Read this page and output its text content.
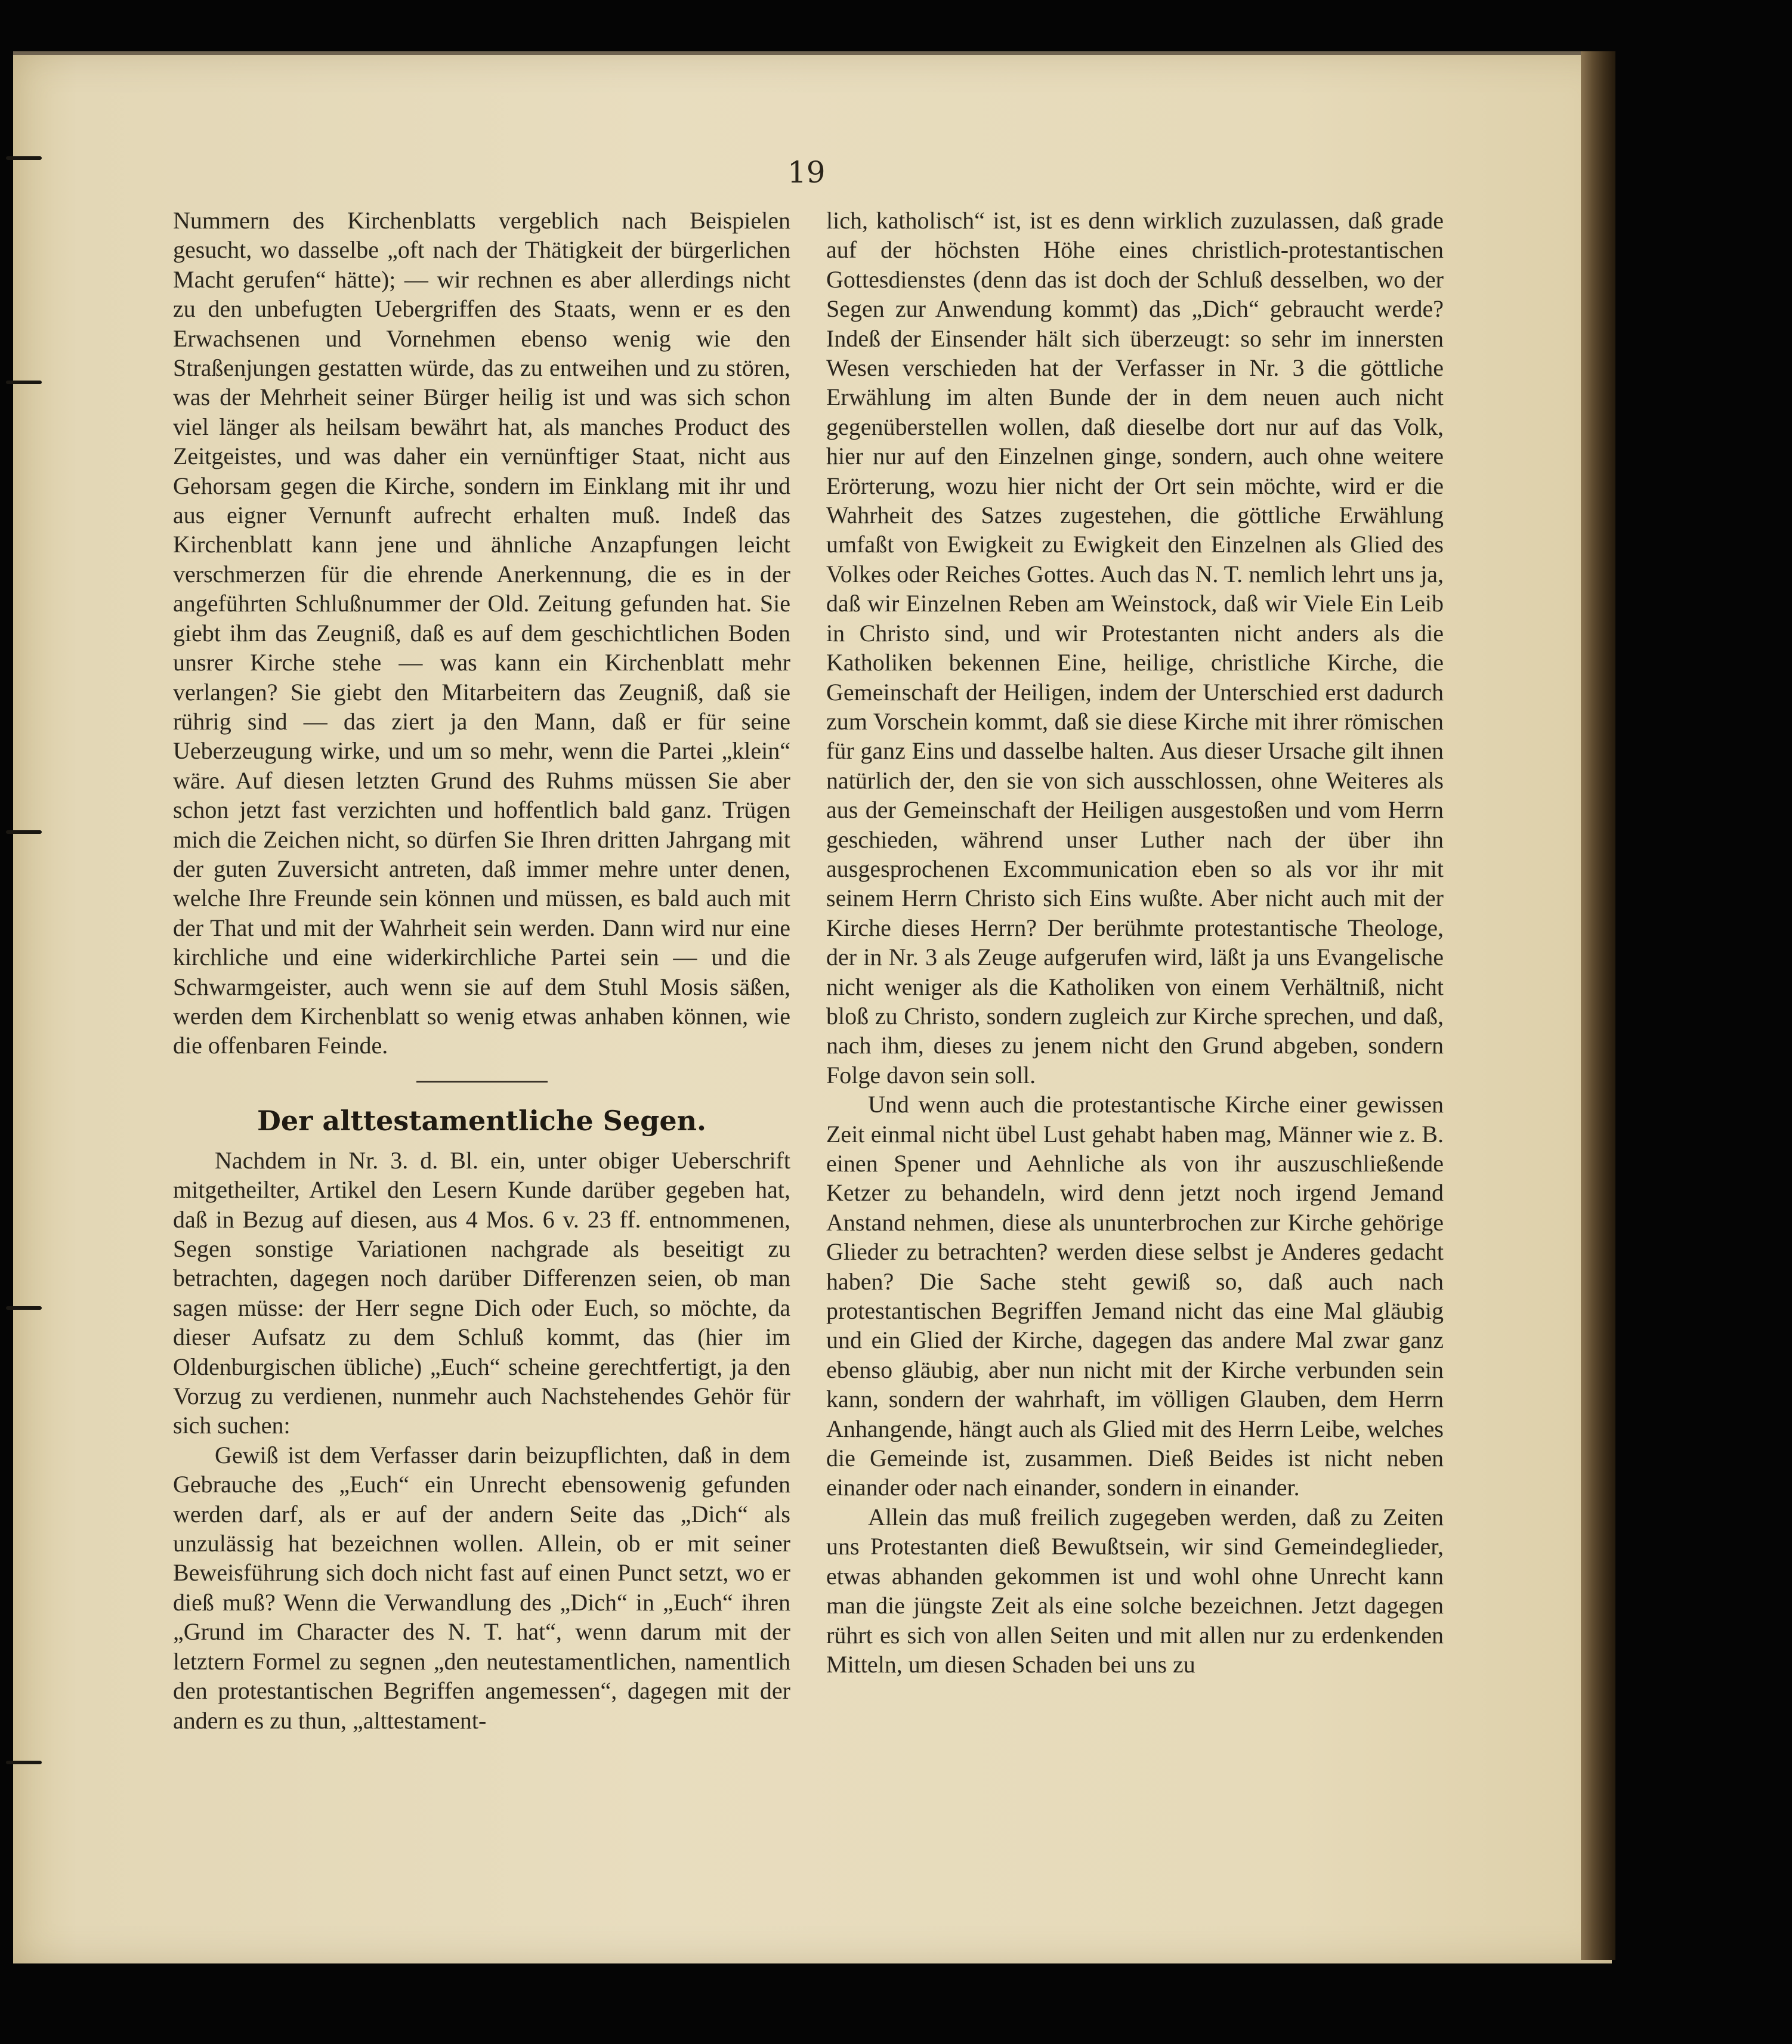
19

Nummern des Kirchenblatts vergeblich nach Beispielen gesucht, wo dasselbe „oft nach der Thätigkeit der bürgerlichen Macht gerufen“ hätte); — wir rechnen es aber allerdings nicht zu den unbefugten Uebergriffen des Staats, wenn er es den Erwachsenen und Vornehmen ebenso wenig wie den Straßenjungen gestatten würde, das zu entweihen und zu stören, was der Mehrheit seiner Bürger heilig ist und was sich schon viel länger als heilsam bewährt hat, als manches Product des Zeitgeistes, und was daher ein vernünftiger Staat, nicht aus Gehorsam gegen die Kirche, sondern im Einklang mit ihr und aus eigner Vernunft aufrecht erhalten muß. Indeß das Kirchenblatt kann jene und ähnliche Anzapfungen leicht verschmerzen für die ehrende Anerkennung, die es in der angeführten Schlußnummer der Old. Zeitung gefunden hat. Sie giebt ihm das Zeugniß, daß es auf dem geschichtlichen Boden unsrer Kirche stehe — was kann ein Kirchenblatt mehr verlangen? Sie giebt den Mitarbeitern das Zeugniß, daß sie rührig sind — das ziert ja den Mann, daß er für seine Ueberzeugung wirke, und um so mehr, wenn die Partei „klein“ wäre. Auf diesen letzten Grund des Ruhms müssen Sie aber schon jetzt fast verzichten und hoffentlich bald ganz. Trügen mich die Zeichen nicht, so dürfen Sie Ihren dritten Jahrgang mit der guten Zuversicht antreten, daß immer mehre unter denen, welche Ihre Freunde sein können und müssen, es bald auch mit der That und mit der Wahrheit sein werden. Dann wird nur eine kirchliche und eine widerkirchliche Partei sein — und die Schwarmgeister, auch wenn sie auf dem Stuhl Mosis säßen, werden dem Kirchenblatt so wenig etwas anhaben können, wie die offenbaren Feinde.

Der alttestamentliche Segen.

Nachdem in Nr. 3. d. Bl. ein, unter obiger Ueberschrift mitgetheilter, Artikel den Lesern Kunde darüber gegeben hat, daß in Bezug auf diesen, aus 4 Mos. 6 v. 23 ff. entnommenen, Segen sonstige Variationen nachgrade als beseitigt zu betrachten, dagegen noch darüber Differenzen seien, ob man sagen müsse: der Herr segne Dich oder Euch, so möchte, da dieser Aufsatz zu dem Schluß kommt, das (hier im Oldenburgischen übliche) „Euch“ scheine gerechtfertigt, ja den Vorzug zu verdienen, nunmehr auch Nachstehendes Gehör für sich suchen:

Gewiß ist dem Verfasser darin beizupflichten, daß in dem Gebrauche des „Euch“ ein Unrecht ebensowenig gefunden werden darf, als er auf der andern Seite das „Dich“ als unzulässig hat bezeichnen wollen. Allein, ob er mit seiner Beweisführung sich doch nicht fast auf einen Punct setzt, wo er dieß muß? Wenn die Verwandlung des „Dich“ in „Euch“ ihren „Grund im Character des N. T. hat“, wenn darum mit der letztern Formel zu segnen „den neutestamentlichen, namentlich den protestantischen Begriffen angemessen“, dagegen mit der andern es zu thun, „alttestament-

lich, katholisch“ ist, ist es denn wirklich zuzulassen, daß grade auf der höchsten Höhe eines christlich-protestantischen Gottesdienstes (denn das ist doch der Schluß desselben, wo der Segen zur Anwendung kommt) das „Dich“ gebraucht werde? Indeß der Einsender hält sich überzeugt: so sehr im innersten Wesen verschieden hat der Verfasser in Nr. 3 die göttliche Erwählung im alten Bunde der in dem neuen auch nicht gegenüberstellen wollen, daß dieselbe dort nur auf das Volk, hier nur auf den Einzelnen ginge, sondern, auch ohne weitere Erörterung, wozu hier nicht der Ort sein möchte, wird er die Wahrheit des Satzes zugestehen, die göttliche Erwählung umfaßt von Ewigkeit zu Ewigkeit den Einzelnen als Glied des Volkes oder Reiches Gottes. Auch das N. T. nemlich lehrt uns ja, daß wir Einzelnen Reben am Weinstock, daß wir Viele Ein Leib in Christo sind, und wir Protestanten nicht anders als die Katholiken bekennen Eine, heilige, christliche Kirche, die Gemeinschaft der Heiligen, indem der Unterschied erst dadurch zum Vorschein kommt, daß sie diese Kirche mit ihrer römischen für ganz Eins und dasselbe halten. Aus dieser Ursache gilt ihnen natürlich der, den sie von sich ausschlossen, ohne Weiteres als aus der Gemeinschaft der Heiligen ausgestoßen und vom Herrn geschieden, während unser Luther nach der über ihn ausgesprochenen Excommunication eben so als vor ihr mit seinem Herrn Christo sich Eins wußte. Aber nicht auch mit der Kirche dieses Herrn? Der berühmte protestantische Theologe, der in Nr. 3 als Zeuge aufgerufen wird, läßt ja uns Evangelische nicht weniger als die Katholiken von einem Verhältniß, nicht bloß zu Christo, sondern zugleich zur Kirche sprechen, und daß, nach ihm, dieses zu jenem nicht den Grund abgeben, sondern Folge davon sein soll.

Und wenn auch die protestantische Kirche einer gewissen Zeit einmal nicht übel Lust gehabt haben mag, Männer wie z. B. einen Spener und Aehnliche als von ihr auszuschließende Ketzer zu behandeln, wird denn jetzt noch irgend Jemand Anstand nehmen, diese als ununterbrochen zur Kirche gehörige Glieder zu betrachten? werden diese selbst je Anderes gedacht haben? Die Sache steht gewiß so, daß auch nach protestantischen Begriffen Jemand nicht das eine Mal gläubig und ein Glied der Kirche, dagegen das andere Mal zwar ganz ebenso gläubig, aber nun nicht mit der Kirche verbunden sein kann, sondern der wahrhaft, im völligen Glauben, dem Herrn Anhangende, hängt auch als Glied mit des Herrn Leibe, welches die Gemeinde ist, zusammen. Dieß Beides ist nicht neben einander oder nach einander, sondern in einander.

Allein das muß freilich zugegeben werden, daß zu Zeiten uns Protestanten dieß Bewußtsein, wir sind Gemeindeglieder, etwas abhanden gekommen ist und wohl ohne Unrecht kann man die jüngste Zeit als eine solche bezeichnen. Jetzt dagegen rührt es sich von allen Seiten und mit allen nur zu erdenkenden Mitteln, um diesen Schaden bei uns zu
